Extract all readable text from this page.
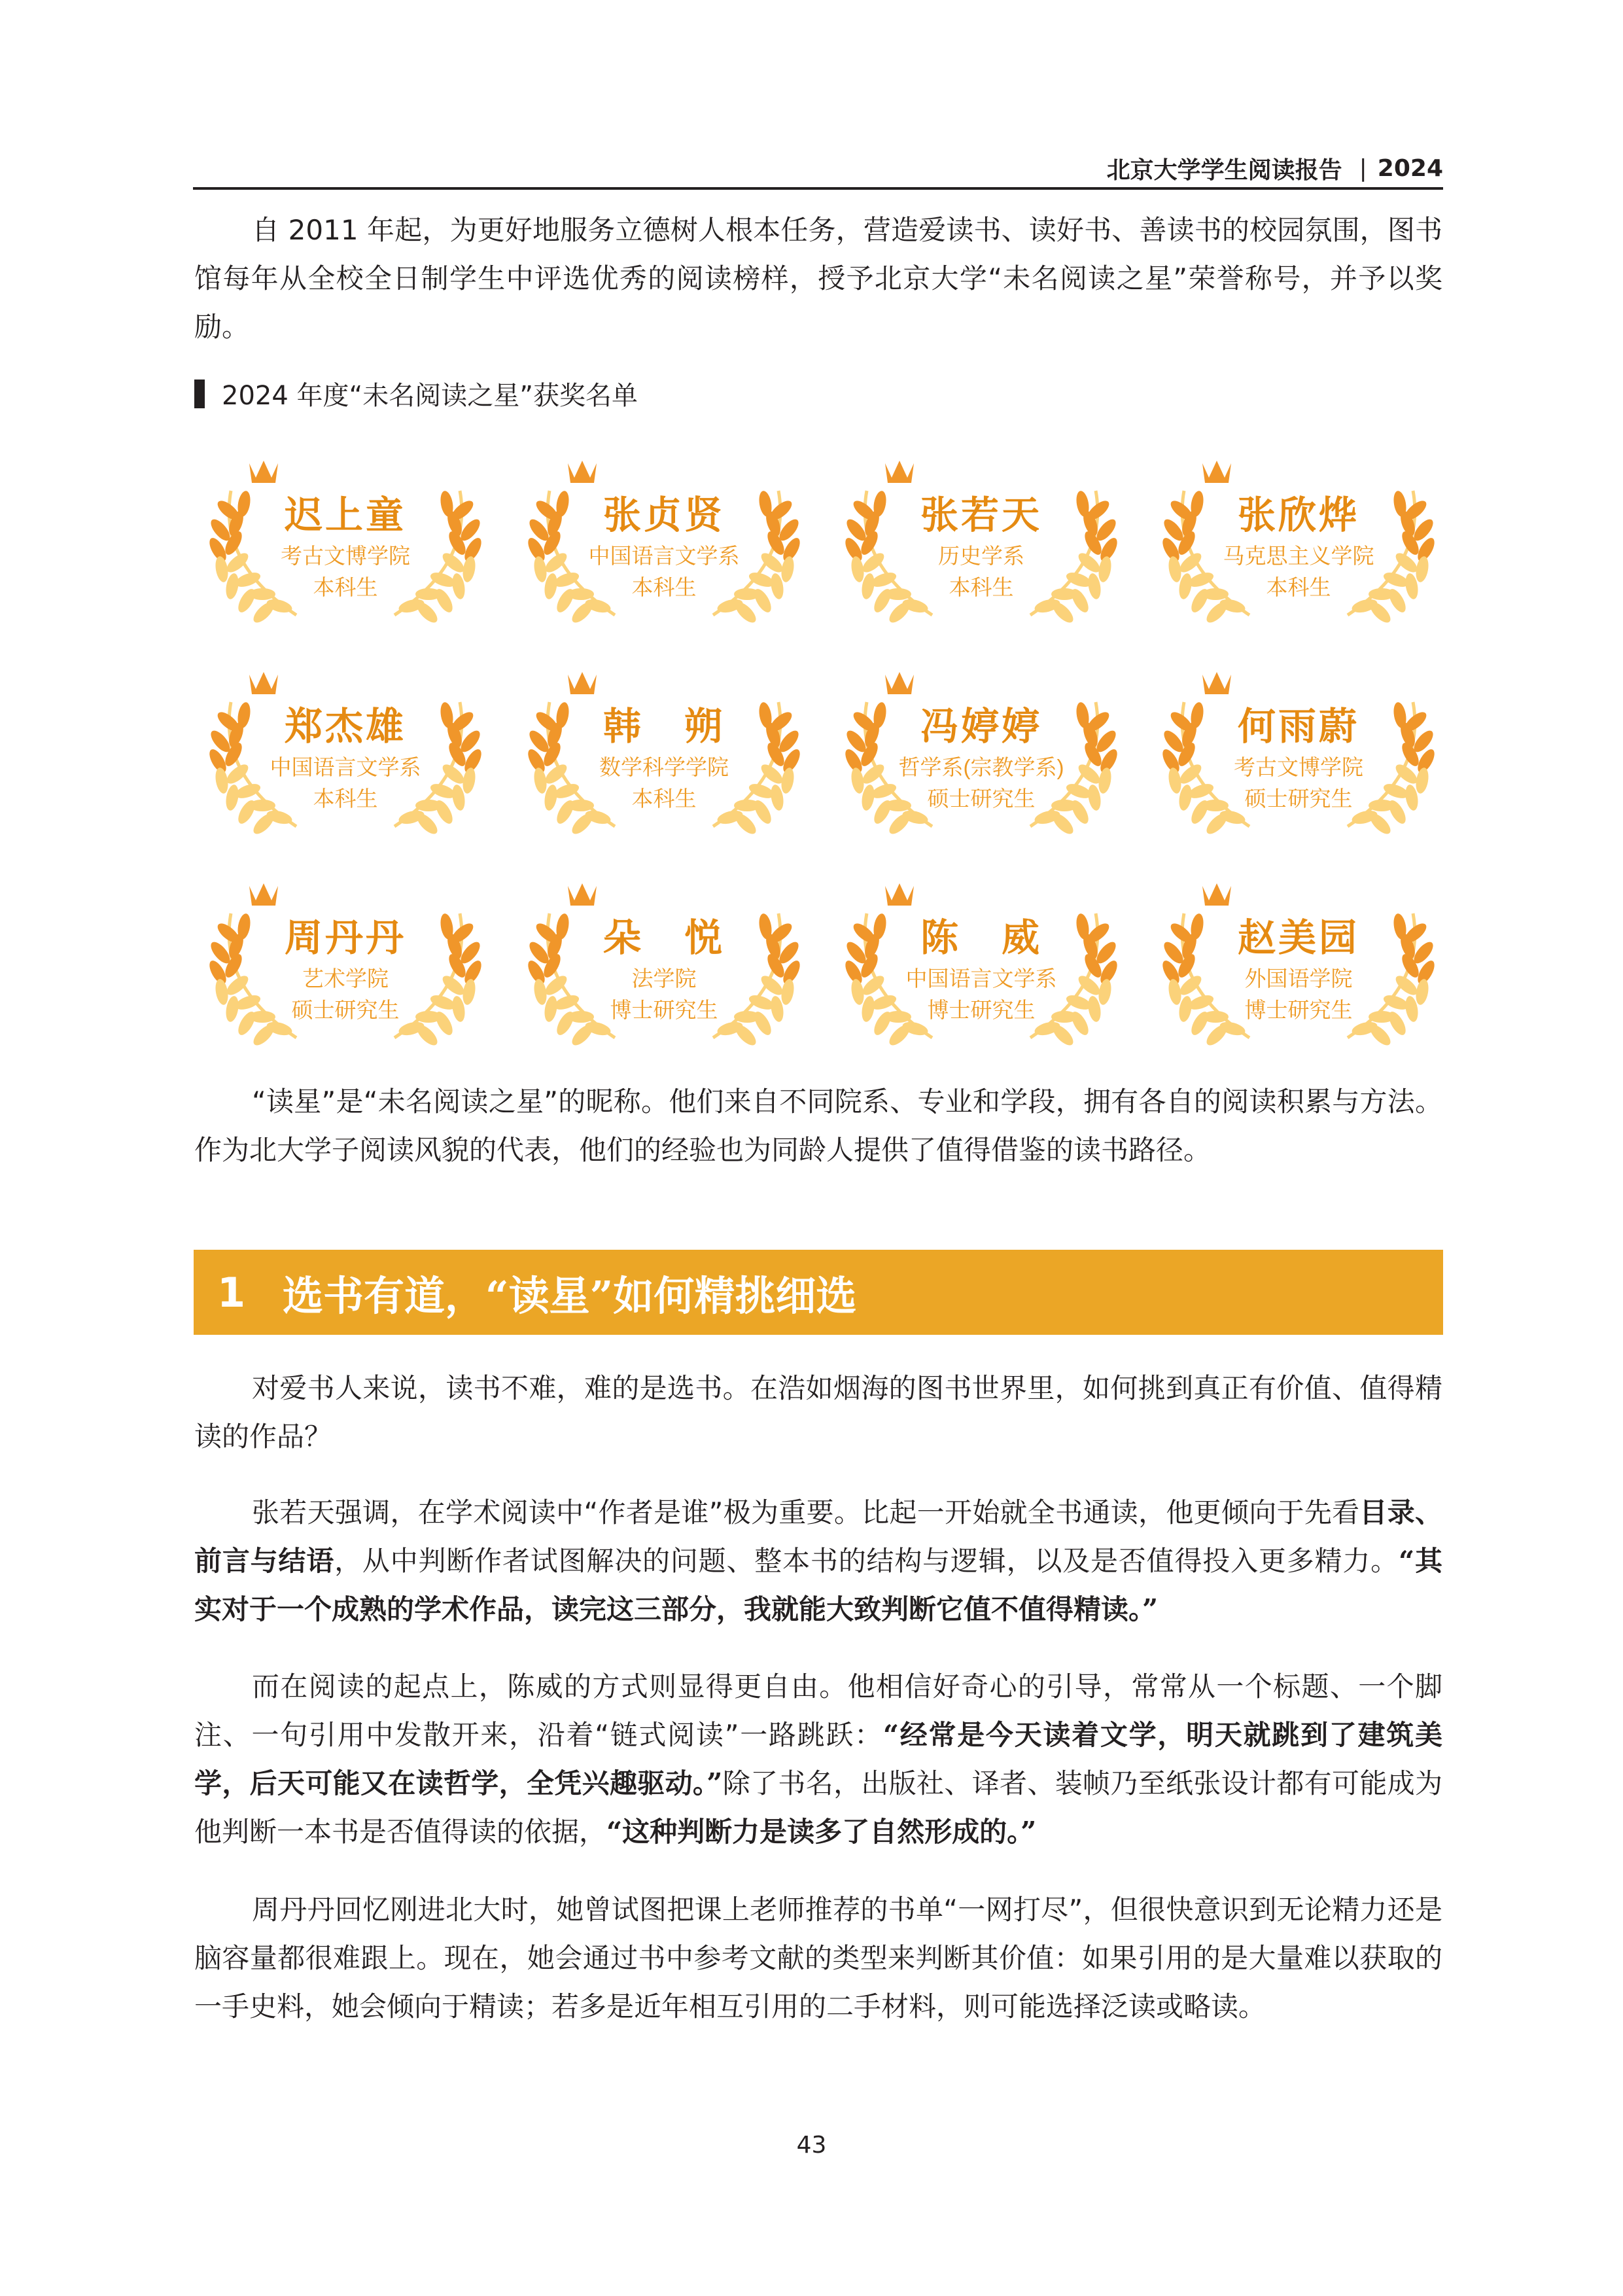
北京大学学生阅读报告 | 2024

自 2011 年起，为更好地服务立德树人根本任务，营造爱读书、读好书、善读书的校园氛围，图书馆每年从全校全日制学生中评选优秀的阅读榜样，授予北京大学“未名阅读之星”荣誉称号，并予以奖励。

2024 年度“未名阅读之星”获奖名单
迟上童
考古文博学院
本科生
张贞贤
中国语言文学系
本科生
张若天
历史学系
本科生
张欣烨
马克思主义学院
本科生
郑杰雄
中国语言文学系
本科生
韩　朔
数学科学学院
本科生
冯婷婷
哲学系(宗教学系)
硕士研究生
何雨蔚
考古文博学院
硕士研究生
周丹丹
艺术学院
硕士研究生
朵　悦
法学院
博士研究生
陈　威
中国语言文学系
博士研究生
赵美园
外国语学院
博士研究生

“读星”是“未名阅读之星”的昵称。他们来自不同院系、专业和学段，拥有各自的阅读积累与方法。作为北大学子阅读风貌的代表，他们的经验也为同龄人提供了值得借鉴的读书路径。

1 选书有道，“读星”如何精挑细选

对爱书人来说，读书不难，难的是选书。在浩如烟海的图书世界里，如何挑到真正有价值、值得精读的作品？

张若天强调，在学术阅读中“作者是谁”极为重要。比起一开始就全书通读，他更倾向于先看目录、前言与结语，从中判断作者试图解决的问题、整本书的结构与逻辑，以及是否值得投入更多精力。“其实对于一个成熟的学术作品，读完这三部分，我就能大致判断它值不值得精读。”

而在阅读的起点上，陈威的方式则显得更自由。他相信好奇心的引导，常常从一个标题、一个脚注、一句引用中发散开来，沿着“链式阅读”一路跳跃：“经常是今天读着文学，明天就跳到了建筑美学，后天可能又在读哲学，全凭兴趣驱动。”除了书名，出版社、译者、装帧乃至纸张设计都有可能成为他判断一本书是否值得读的依据，“这种判断力是读多了自然形成的。”

周丹丹回忆刚进北大时，她曾试图把课上老师推荐的书单“一网打尽”，但很快意识到无论精力还是脑容量都很难跟上。现在，她会通过书中参考文献的类型来判断其价值：如果引用的是大量难以获取的一手史料，她会倾向于精读；若多是近年相互引用的二手材料，则可能选择泛读或略读。

43
